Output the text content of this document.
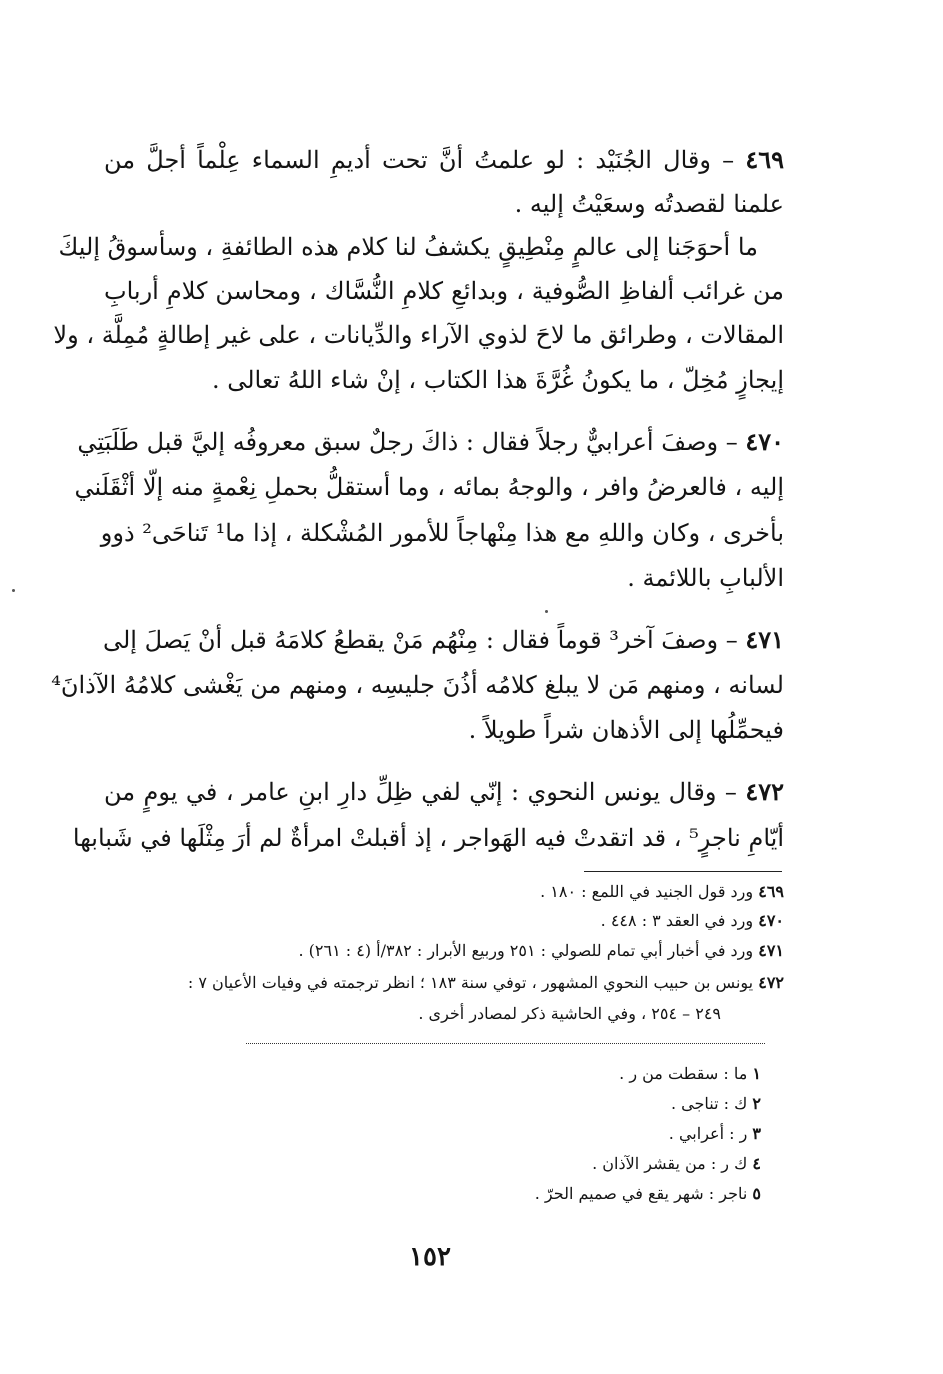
٤٦٩ – وقال الجُنَيْد : لو علمتُ أنَّ تحت أديمِ السماء عِلْماً أجلَّ من
علمنا لقصدتُه وسعَيْتُ إليه .
ما أحوَجَنا إلى عالمٍ مِنْطِيقٍ يكشفُ لنا كلام هذه الطائفةِ ، وسأسوقُ إليكَ
من غرائب ألفاظِ الصُّوفية ، وبدائعِ كلامِ النُّسَّاك ، ومحاسن كلامِ أربابِ
المقالات ، وطرائق ما لاحَ لذوي الآراء والدِّيانات ، على غير إطالةٍ مُمِلَّة ، ولا
إيجازٍ مُخِلّ ، ما يكونُ غُرَّةَ هذا الكتاب ، إنْ شاء اللهُ تعالى .
٤٧٠ – وصفَ أعرابيٌّ رجلاً فقال : ذاكَ رجلٌ سبق معروفُه إليَّ قبل طَلَبَتِي
إليه ، فالعرضُ وافر ، والوجهُ بمائه ، وما أستقلُّ بحملِ نِعْمةٍ منه إلّا أثْقَلَني
بأخرى ، وكان واللهِ مع هذا مِنْهاجاً للأمور المُشْكلة ، إذا ما¹ تَناحَى² ذوو
الألبابِ باللائمة .
٤٧١ – وصفَ آخر³ قوماً فقال : مِنْهُم مَنْ يقطعُ كلامَهُ قبل أنْ يَصلَ إلى
لسانه ، ومنهم مَن لا يبلغ كلامُه أذُنَ جليسِه ، ومنهم من يَغْشى كلامُهُ الآذانَ⁴
فيحمِّلُها إلى الأذهان شراً طويلاً .
٤٧٢ – وقال يونس النحوي : إنّي لفي ظِلِّ دارِ ابنِ عامر ، في يومٍ من
أيّامِ ناجرٍ⁵ ، قد اتقدتْ فيه الهَواجر ، إذ أقبلتْ امرأةٌ لم أرَ مِثْلَها في شَبابها
٤٦٩ ورد قول الجنيد في اللمع : ١٨٠ .
٤٧٠ ورد في العقد ٣ : ٤٤٨ .
٤٧١ ورد في أخبار أبي تمام للصولي : ٢٥١ وربيع الأبرار : ٣٨٢/أ (٤ : ٢٦١) .
٤٧٢ يونس بن حبيب النحوي المشهور ، توفي سنة ١٨٣ ؛ انظر ترجمته في وفيات الأعيان ٧ :
٢٤٩ – ٢٥٤ ، وفي الحاشية ذكر لمصادر أخرى .
١ ما : سقطت من ر .
٢ ك : تناجى .
٣ ر : أعرابي .
٤ ك ر : من يقشر الآذان .
٥ ناجر : شهر يقع في صميم الحرّ .
١٥٢
